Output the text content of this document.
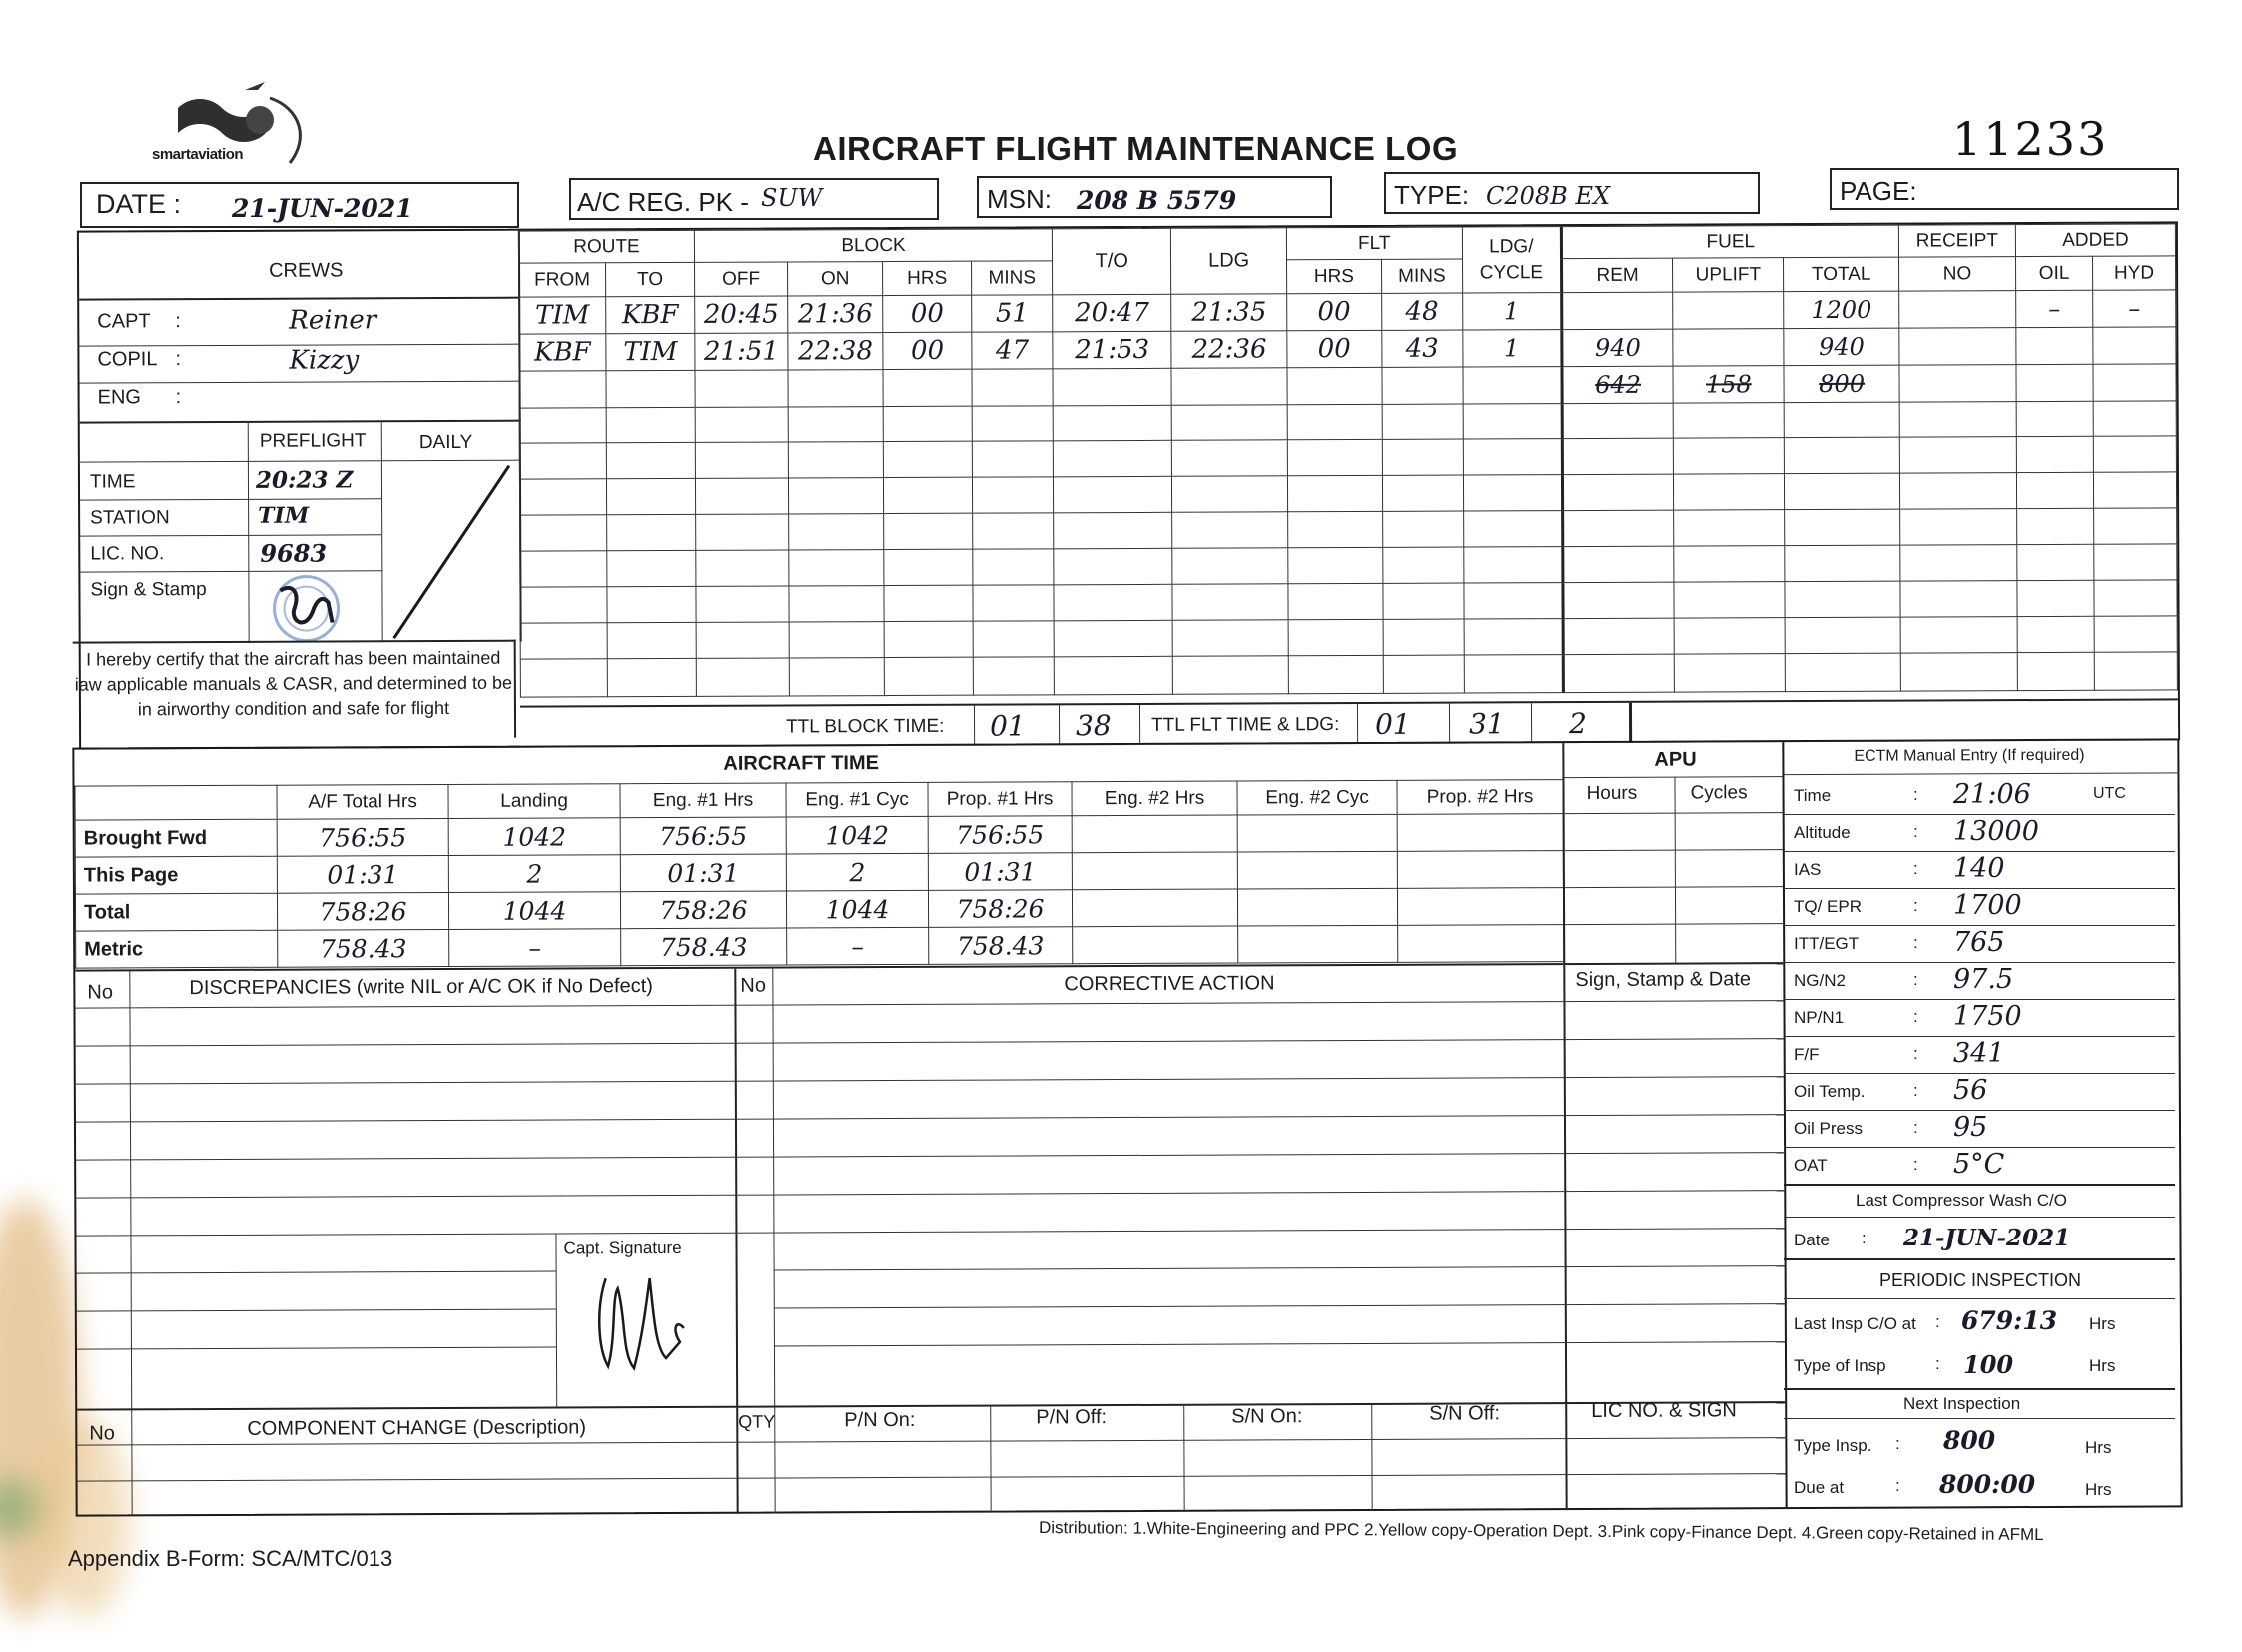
smartaviation	AIRCRAFT FLIGHT MAINTENANCE LOG	11233
DATE : 21-JUN-2021	A/C REG. PK - SUW	MSN: 208 B 5579	TYPE: C208B EX	PAGE:
CREWS
CAPT :	Reiner
COPIL :	Kizzy
ENG :
PREFLIGHT	DAILY
TIME	20:23 Z
STATION	TIM
LIC. NO.	9683
Sign & Stamp
I hereby certify that the aircraft has been maintained iaw applicable manuals & CASR, and determined to be in airworthy condition and safe for flight
ROUTE		BLOCK				T/O	LDG	FLT		LDG/ CYCLE	FUEL			RECEIPT	ADDED	
FROM	TO	OFF	ON	HRS	MINS			HRS	MINS		REM	UPLIFT	TOTAL	NO	OIL	HYD
TIM	KBF	20:45	21:36	00	51	20:47	21:35	00	48	1			1200		–	–
KBF	TIM	21:51	22:38	00	47	21:53	22:36	00	43	1	940		940			
											642	158	800			

TTL BLOCK TIME: 01 38 TTL FLT TIME & LDG: 01 31 2
AIRCRAFT TIME
	A/F Total Hrs	Landing	Eng. #1 Hrs	Eng. #1 Cyc	Prop. #1 Hrs	Eng. #2 Hrs	Eng. #2 Cyc	Prop. #2 Hrs
Brought Fwd	756:55	1042	756:55	1042	756:55			
This Page	01:31	2	01:31	2	01:31			
Total	758:26	1044	758:26	1044	758:26			
Metric	758.43	–	758.43	–	758.43			
APU
Hours	Cycles
No	DISCREPANCIES (write NIL or A/C OK if No Defect)	No	CORRECTIVE ACTION	Sign, Stamp & Date
Capt. Signature
No	COMPONENT CHANGE (Description)	QTY	P/N On:	P/N Off:	S/N On:	S/N Off:	LIC NO. & SIGN
ECTM Manual Entry (If required)
Time	: 21:06	UTC
Altitude	: 13000
IAS	: 140
TQ/ EPR	: 1700
ITT/EGT	: 765
NG/N2	: 97.5
NP/N1	: 1750
F/F	: 341
Oil Temp.	: 56
Oil Press	: 95
OAT	: 5°C
Last Compressor Wash C/O
Date : 21-JUN-2021
PERIODIC INSPECTION
Last Insp C/O at : 679:13 Hrs
Type of Insp	: 100	Hrs
Next Inspection
Type Insp. : 800	Hrs
Due at	: 800:00	Hrs
Distribution: 1.White-Engineering and PPC 2.Yellow copy-Operation Dept. 3.Pink copy-Finance Dept. 4.Green copy-Retained in AFML
Appendix B-Form: SCA/MTC/013
